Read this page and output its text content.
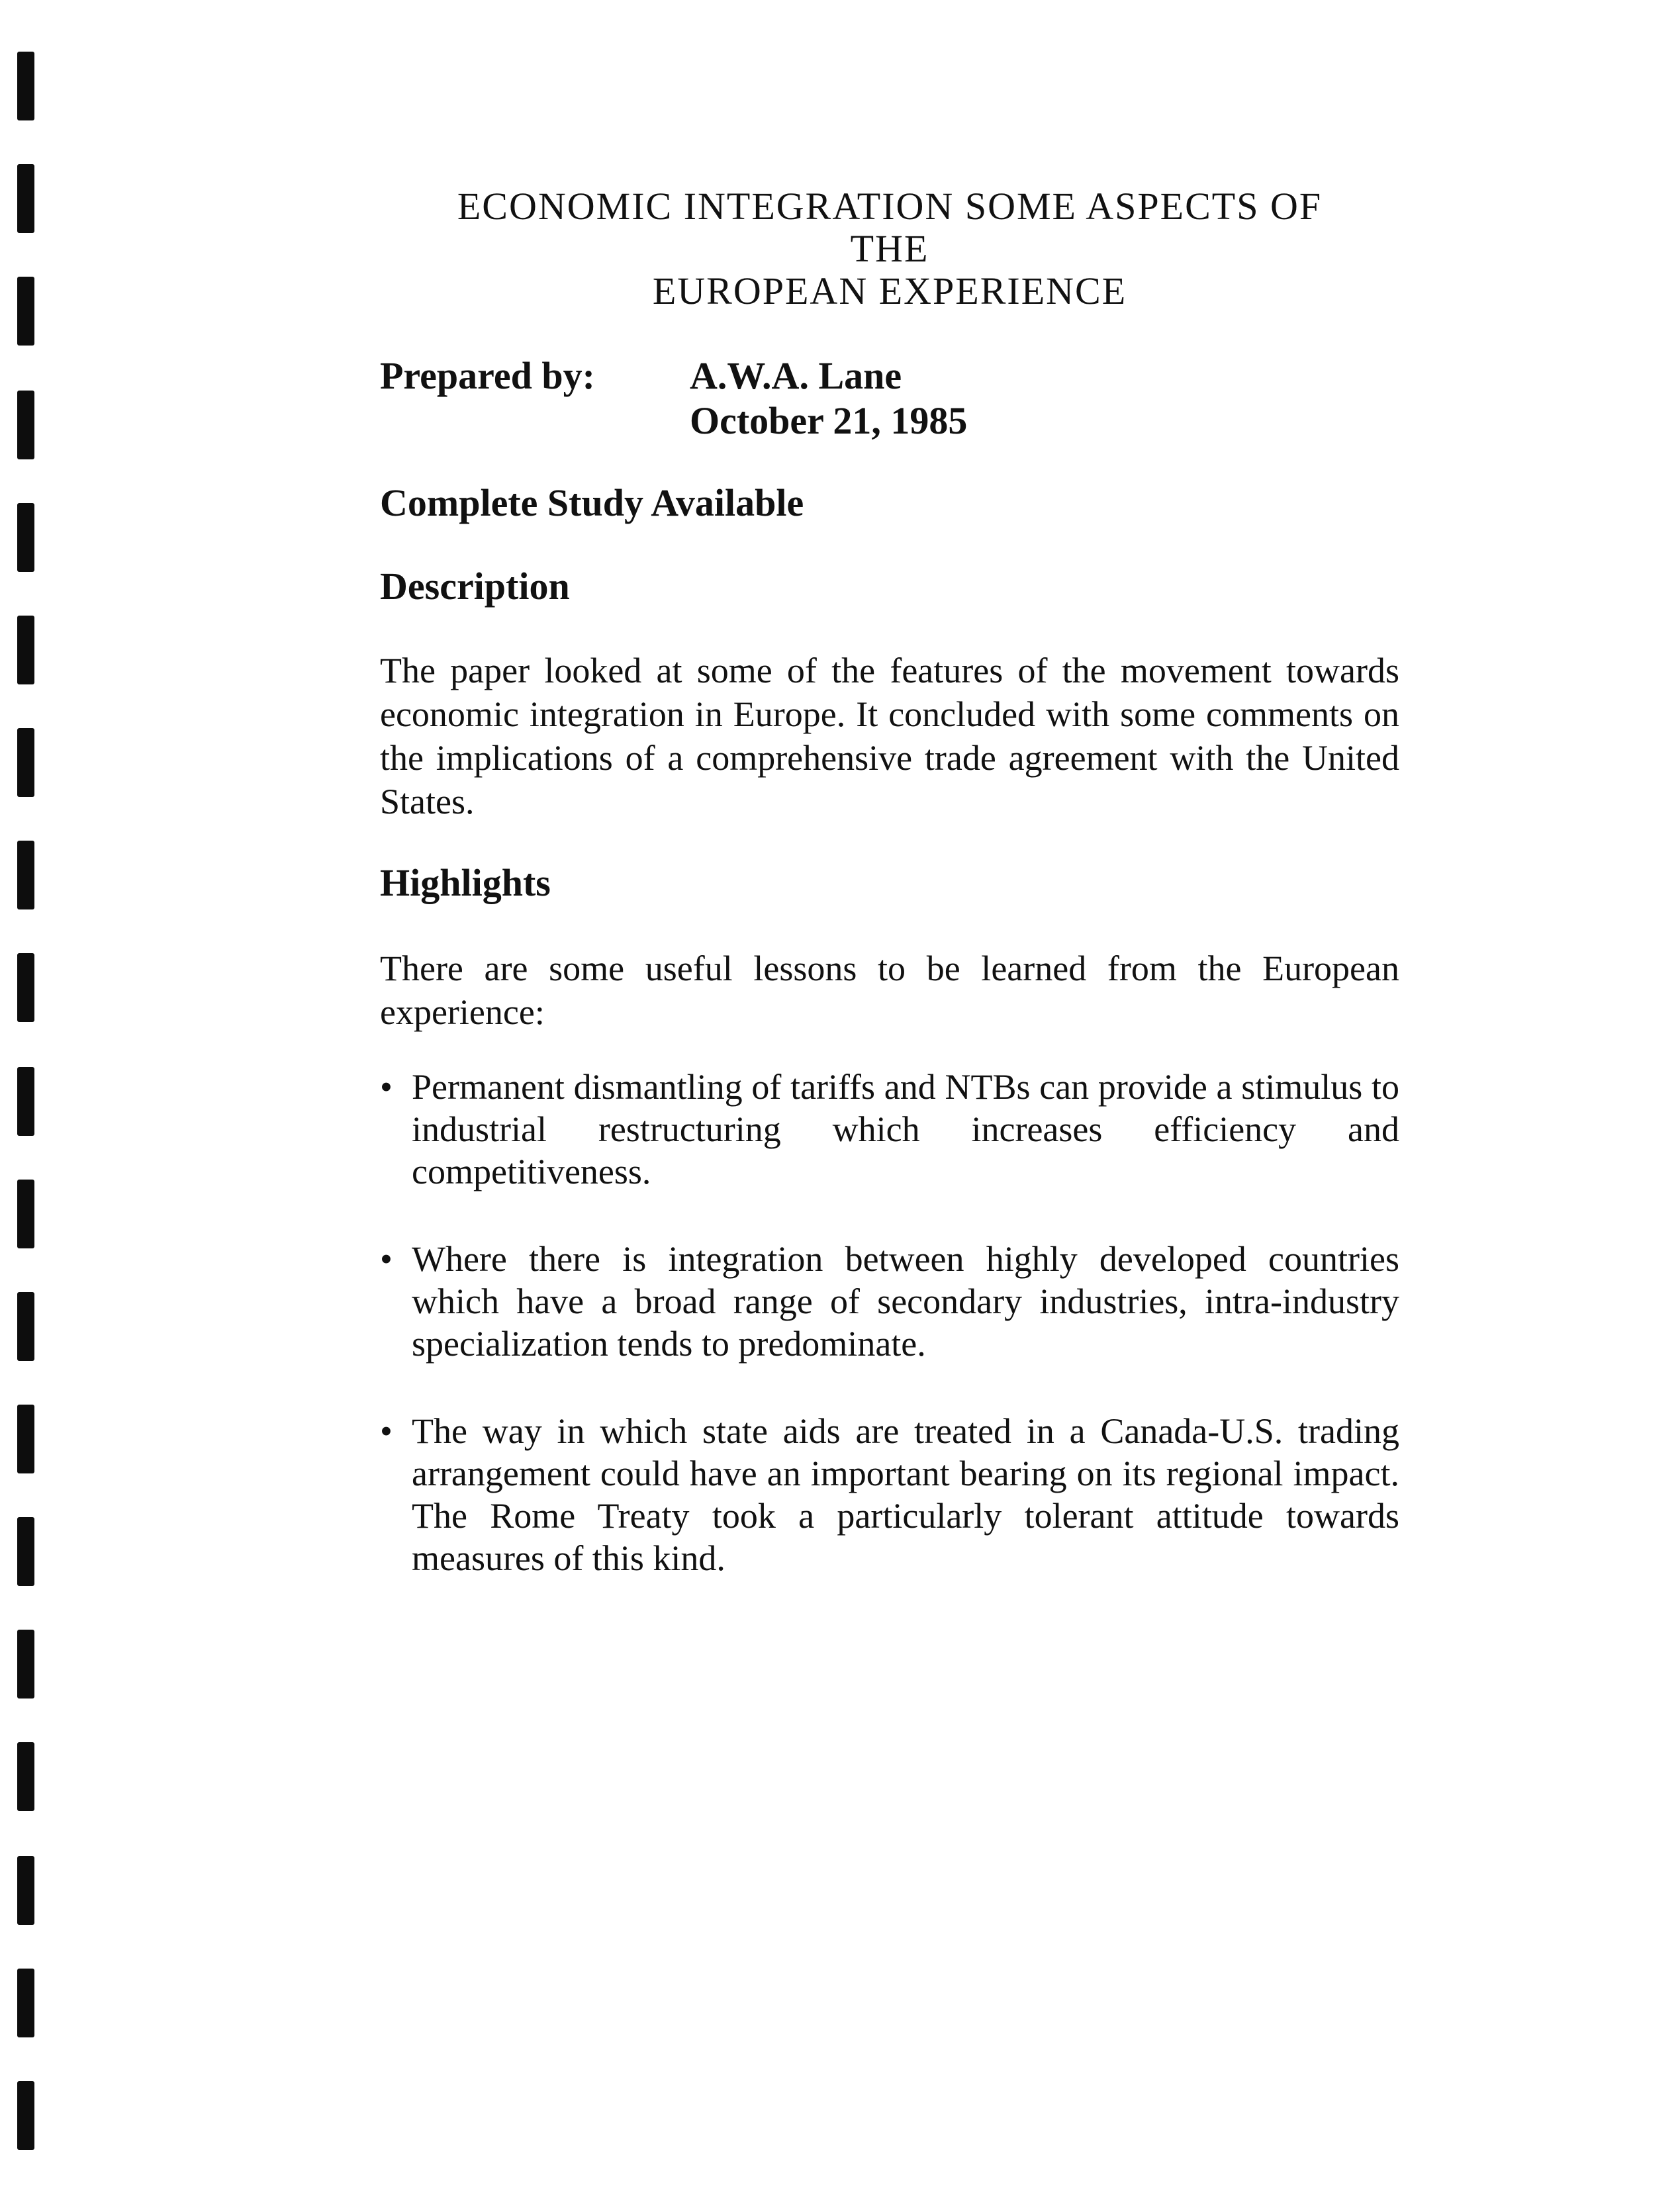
ECONOMIC INTEGRATION SOME ASPECTS OF
THE
EUROPEAN EXPERIENCE
Prepared by: A.W.A. Lane
October 21, 1985
Complete Study Available
Description

The paper looked at some of the features of the movement towards economic integration in Europe. It concluded with some comments on the implications of a comprehensive trade agreement with the United States.

Highlights

There are some useful lessons to be learned from the European experience:

• Permanent dismantling of tariffs and NTBs can provide a stimulus to industrial restructuring which increases efficiency and competitiveness.
• Where there is integration between highly developed countries which have a broad range of secondary industries, intra-industry specialization tends to predominate.
• The way in which state aids are treated in a Canada-U.S. trading arrangement could have an important bearing on its regional impact. The Rome Treaty took a particularly tolerant attitude towards measures of this kind.
